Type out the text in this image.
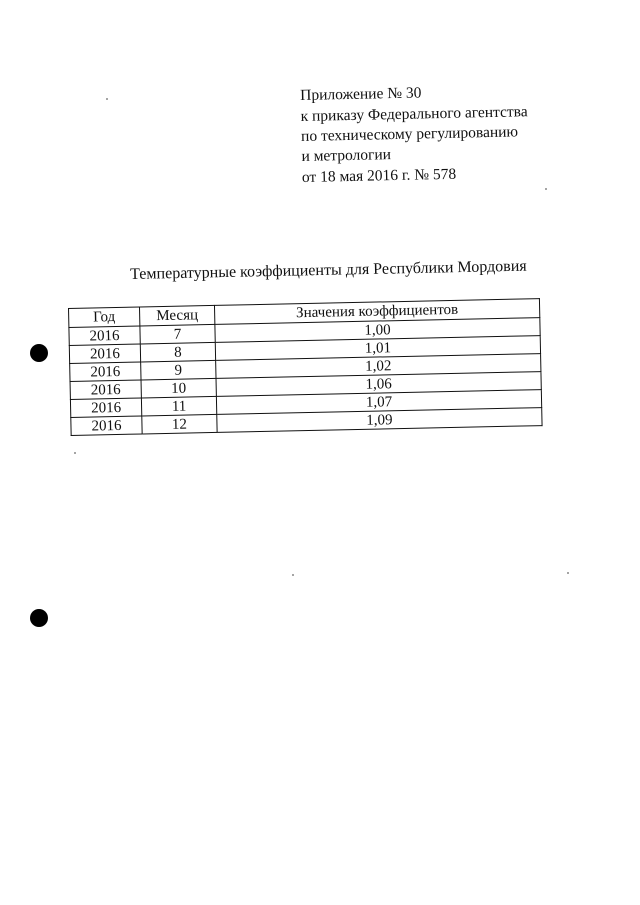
Приложение № 30
к приказу Федерального агентства
по техническому регулированию
и метрологии
от 18 мая 2016 г. № 578
Температурные коэффициенты для Республики Мордовия
Год	Месяц	Значения коэффициентов
2016	7	1,00
2016	8	1,01
2016	9	1,02
2016	10	1,06
2016	11	1,07
2016	12	1,09
